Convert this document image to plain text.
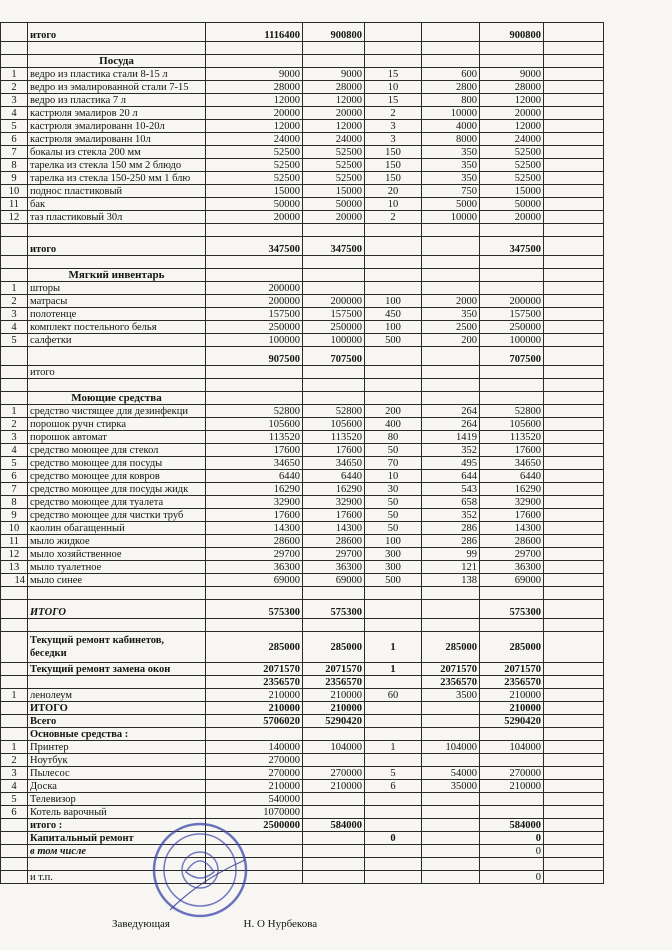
	итого	1116400	900800			900800	

	Посуда						
1	ведро из пластика стали 8-15 л	9000	9000	15	600	9000	
2	ведро из эмалированной стали 7-15	28000	28000	10	2800	28000	
3	ведро из пластика 7 л	12000	12000	15	800	12000	
4	кастрюля эмалиров 20 л	20000	20000	2	10000	20000	
5	кастрюля эмалированн 10-20л	12000	12000	3	4000	12000	
6	кастрюля эмалированн 10л	24000	24000	3	8000	24000	
7	бокалы из стекла 200 мм	52500	52500	150	350	52500	
8	тарелка из стекла 150 мм 2 блюдо	52500	52500	150	350	52500	
9	тарелка из стекла 150-250 мм 1 блю	52500	52500	150	350	52500	
10	поднос пластиковый	15000	15000	20	750	15000	
11	бак	50000	50000	10	5000	50000	
12	таз пластиковый 30л	20000	20000	2	10000	20000	

	итого	347500	347500			347500	

	Мягкий инвентарь						
1	шторы	200000					
2	матрасы	200000	200000	100	2000	200000	
3	полотенце	157500	157500	450	350	157500	
4	комплект постельного белья	250000	250000	100	2500	250000	
5	салфетки	100000	100000	500	200	100000	
		907500	707500			707500	
	итого						

	Моющие средства						
1	средство чистящее для дезинфекци	52800	52800	200	264	52800	
2	порошок ручн стирка	105600	105600	400	264	105600	
3	порошок автомат	113520	113520	80	1419	113520	
4	средство моющее для стекол	17600	17600	50	352	17600	
5	средство моющее для посуды	34650	34650	70	495	34650	
6	средство моющее для ковров	6440	6440	10	644	6440	
7	средство моющее для посуды жидк	16290	16290	30	543	16290	
8	средство моющее для туалета	32900	32900	50	658	32900	
9	средство моющее для чистки труб	17600	17600	50	352	17600	
10	каолин обагащенный	14300	14300	50	286	14300	
11	мыло жидкое	28600	28600	100	286	28600	
12	мыло хозяйственное	29700	29700	300	99	29700	
13	мыло туалетное	36300	36300	300	121	36300	
14	мыло синее	69000	69000	500	138	69000	

	ИТОГО	575300	575300			575300	

	Текущий ремонт кабинетов, беседки	285000	285000	1	285000	285000	
	Текущий ремонт замена окон	2071570	2071570	1	2071570	2071570	
		2356570	2356570		2356570	2356570	
1	ленолеум	210000	210000	60	3500	210000	
	ИТОГО	210000	210000			210000	
	Всего	5706020	5290420			5290420	
	Основные средства :						
1	Принтер	140000	104000	1	104000	104000	
2	Ноутбук	270000					
3	Пылесос	270000	270000	5	54000	270000	
4	Доска	210000	210000	6	35000	210000	
5	Телевизор	540000					
6	Котель варочный	1070000					
	итого :	2500000	584000			584000	
	Капитальный ремонт			0		0	
	в том числе					0	

	и т.п.					0	
Заведующая	Н. О Нурбекова
